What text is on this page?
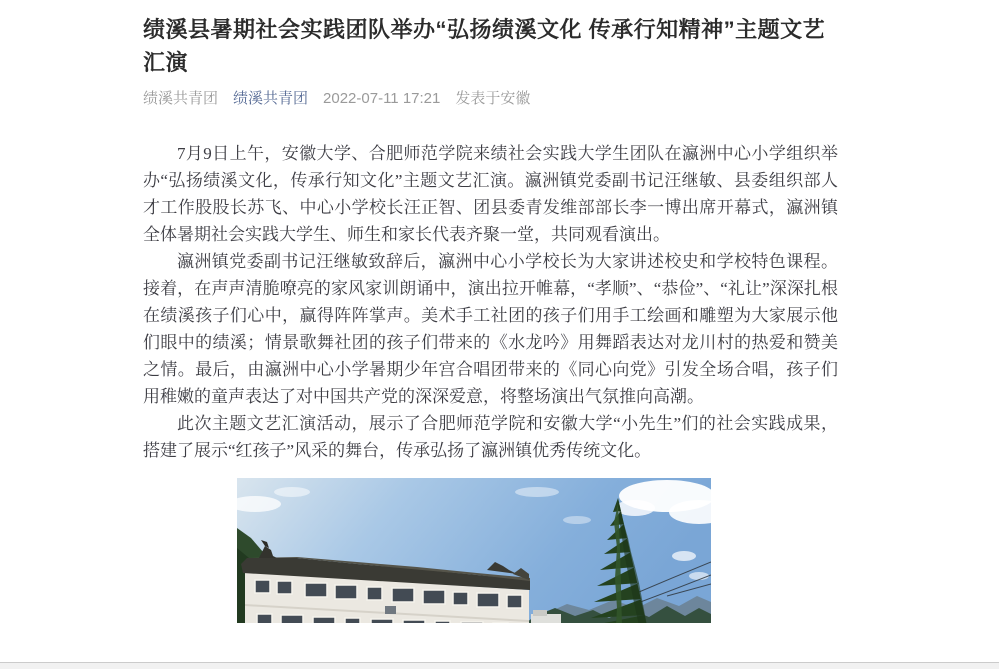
绩溪县暑期社会实践团队举办“弘扬绩溪文化 传承行知精神”主题文艺汇演
绩溪共青团 绩溪共青团 2022-07-11 17:21 发表于安徽

7月9日上午，安徽大学、合肥师范学院来绩社会实践大学生团队在瀛洲中心小学组织举办“弘扬绩溪文化，传承行知文化”主题文艺汇演。瀛洲镇党委副书记汪继敏、县委组织部人才工作股股长苏飞、中心小学校长汪正智、团县委青发维部部长李一博出席开幕式，瀛洲镇全体暑期社会实践大学生、师生和家长代表齐聚一堂，共同观看演出。

瀛洲镇党委副书记汪继敏致辞后，瀛洲中心小学校长为大家讲述校史和学校特色课程。接着，在声声清脆嘹亮的家风家训朗诵中，演出拉开帷幕，“孝顺”、“恭俭”、“礼让”深深扎根在绩溪孩子们心中，赢得阵阵掌声。美术手工社团的孩子们用手工绘画和雕塑为大家展示他们眼中的绩溪；情景歌舞社团的孩子们带来的《水龙吟》用舞蹈表达对龙川村的热爱和赞美之情。最后，由瀛洲中心小学暑期少年宫合唱团带来的《同心向党》引发全场合唱，孩子们用稚嫩的童声表达了对中国共产党的深深爱意，将整场演出气氛推向高潮。

此次主题文艺汇演活动，展示了合肥师范学院和安徽大学“小先生”们的社会实践成果，搭建了展示“红孩子”风采的舞台，传承弘扬了瀛洲镇优秀传统文化。
